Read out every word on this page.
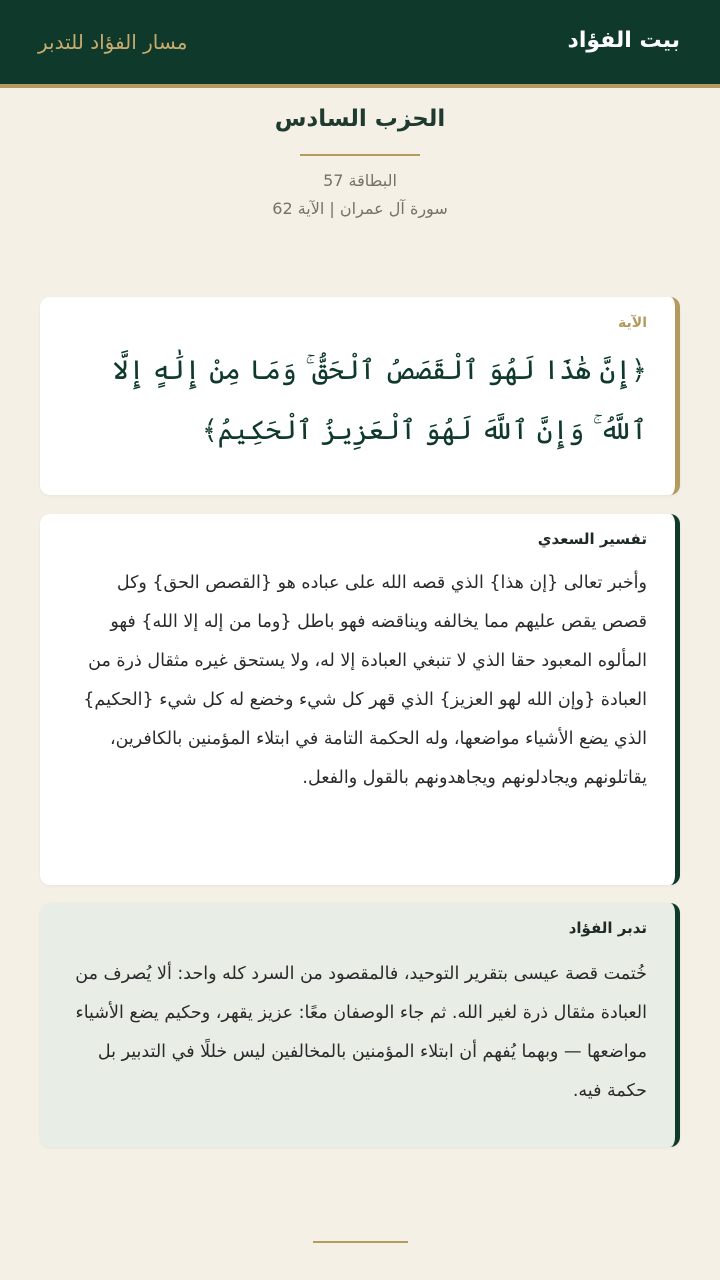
بيت الفؤاد
مسار الفؤاد للتدبر
الحزب السادس
البطاقة 57
سورة آل عمران | الآية 62
الآية
﴿إِنَّ هَٰذَا لَهُوَ ٱلْقَصَصُ ٱلْحَقُّ ۚ وَمَا مِنْ إِلَٰهٍ إِلَّا ٱللَّهُ ۚ وَإِنَّ ٱللَّهَ لَهُوَ ٱلْعَزِيزُ ٱلْحَكِيمُ﴾
تفسير السعدي
وأخبر تعالى {إن هذا} الذي قصه الله على عباده هو {القصص الحق} وكل قصص يقص عليهم مما يخالفه ويناقضه فهو باطل {وما من إله إلا الله} فهو المألوه المعبود حقا الذي لا تنبغي العبادة إلا له، ولا يستحق غيره مثقال ذرة من العبادة {وإن الله لهو العزيز} الذي قهر كل شيء وخضع له كل شيء {الحكيم} الذي يضع الأشياء مواضعها، وله الحكمة التامة في ابتلاء المؤمنين بالكافرين، يقاتلونهم ويجادلونهم ويجاهدونهم بالقول والفعل.
تدبر الفؤاد
خُتمت قصة عيسى بتقرير التوحيد، فالمقصود من السرد كله واحد: ألا يُصرف من العبادة مثقال ذرة لغير الله. ثم جاء الوصفان معًا: عزيز يقهر، وحكيم يضع الأشياء مواضعها — وبهما يُفهم أن ابتلاء المؤمنين بالمخالفين ليس خللًا في التدبير بل حكمة فيه.
